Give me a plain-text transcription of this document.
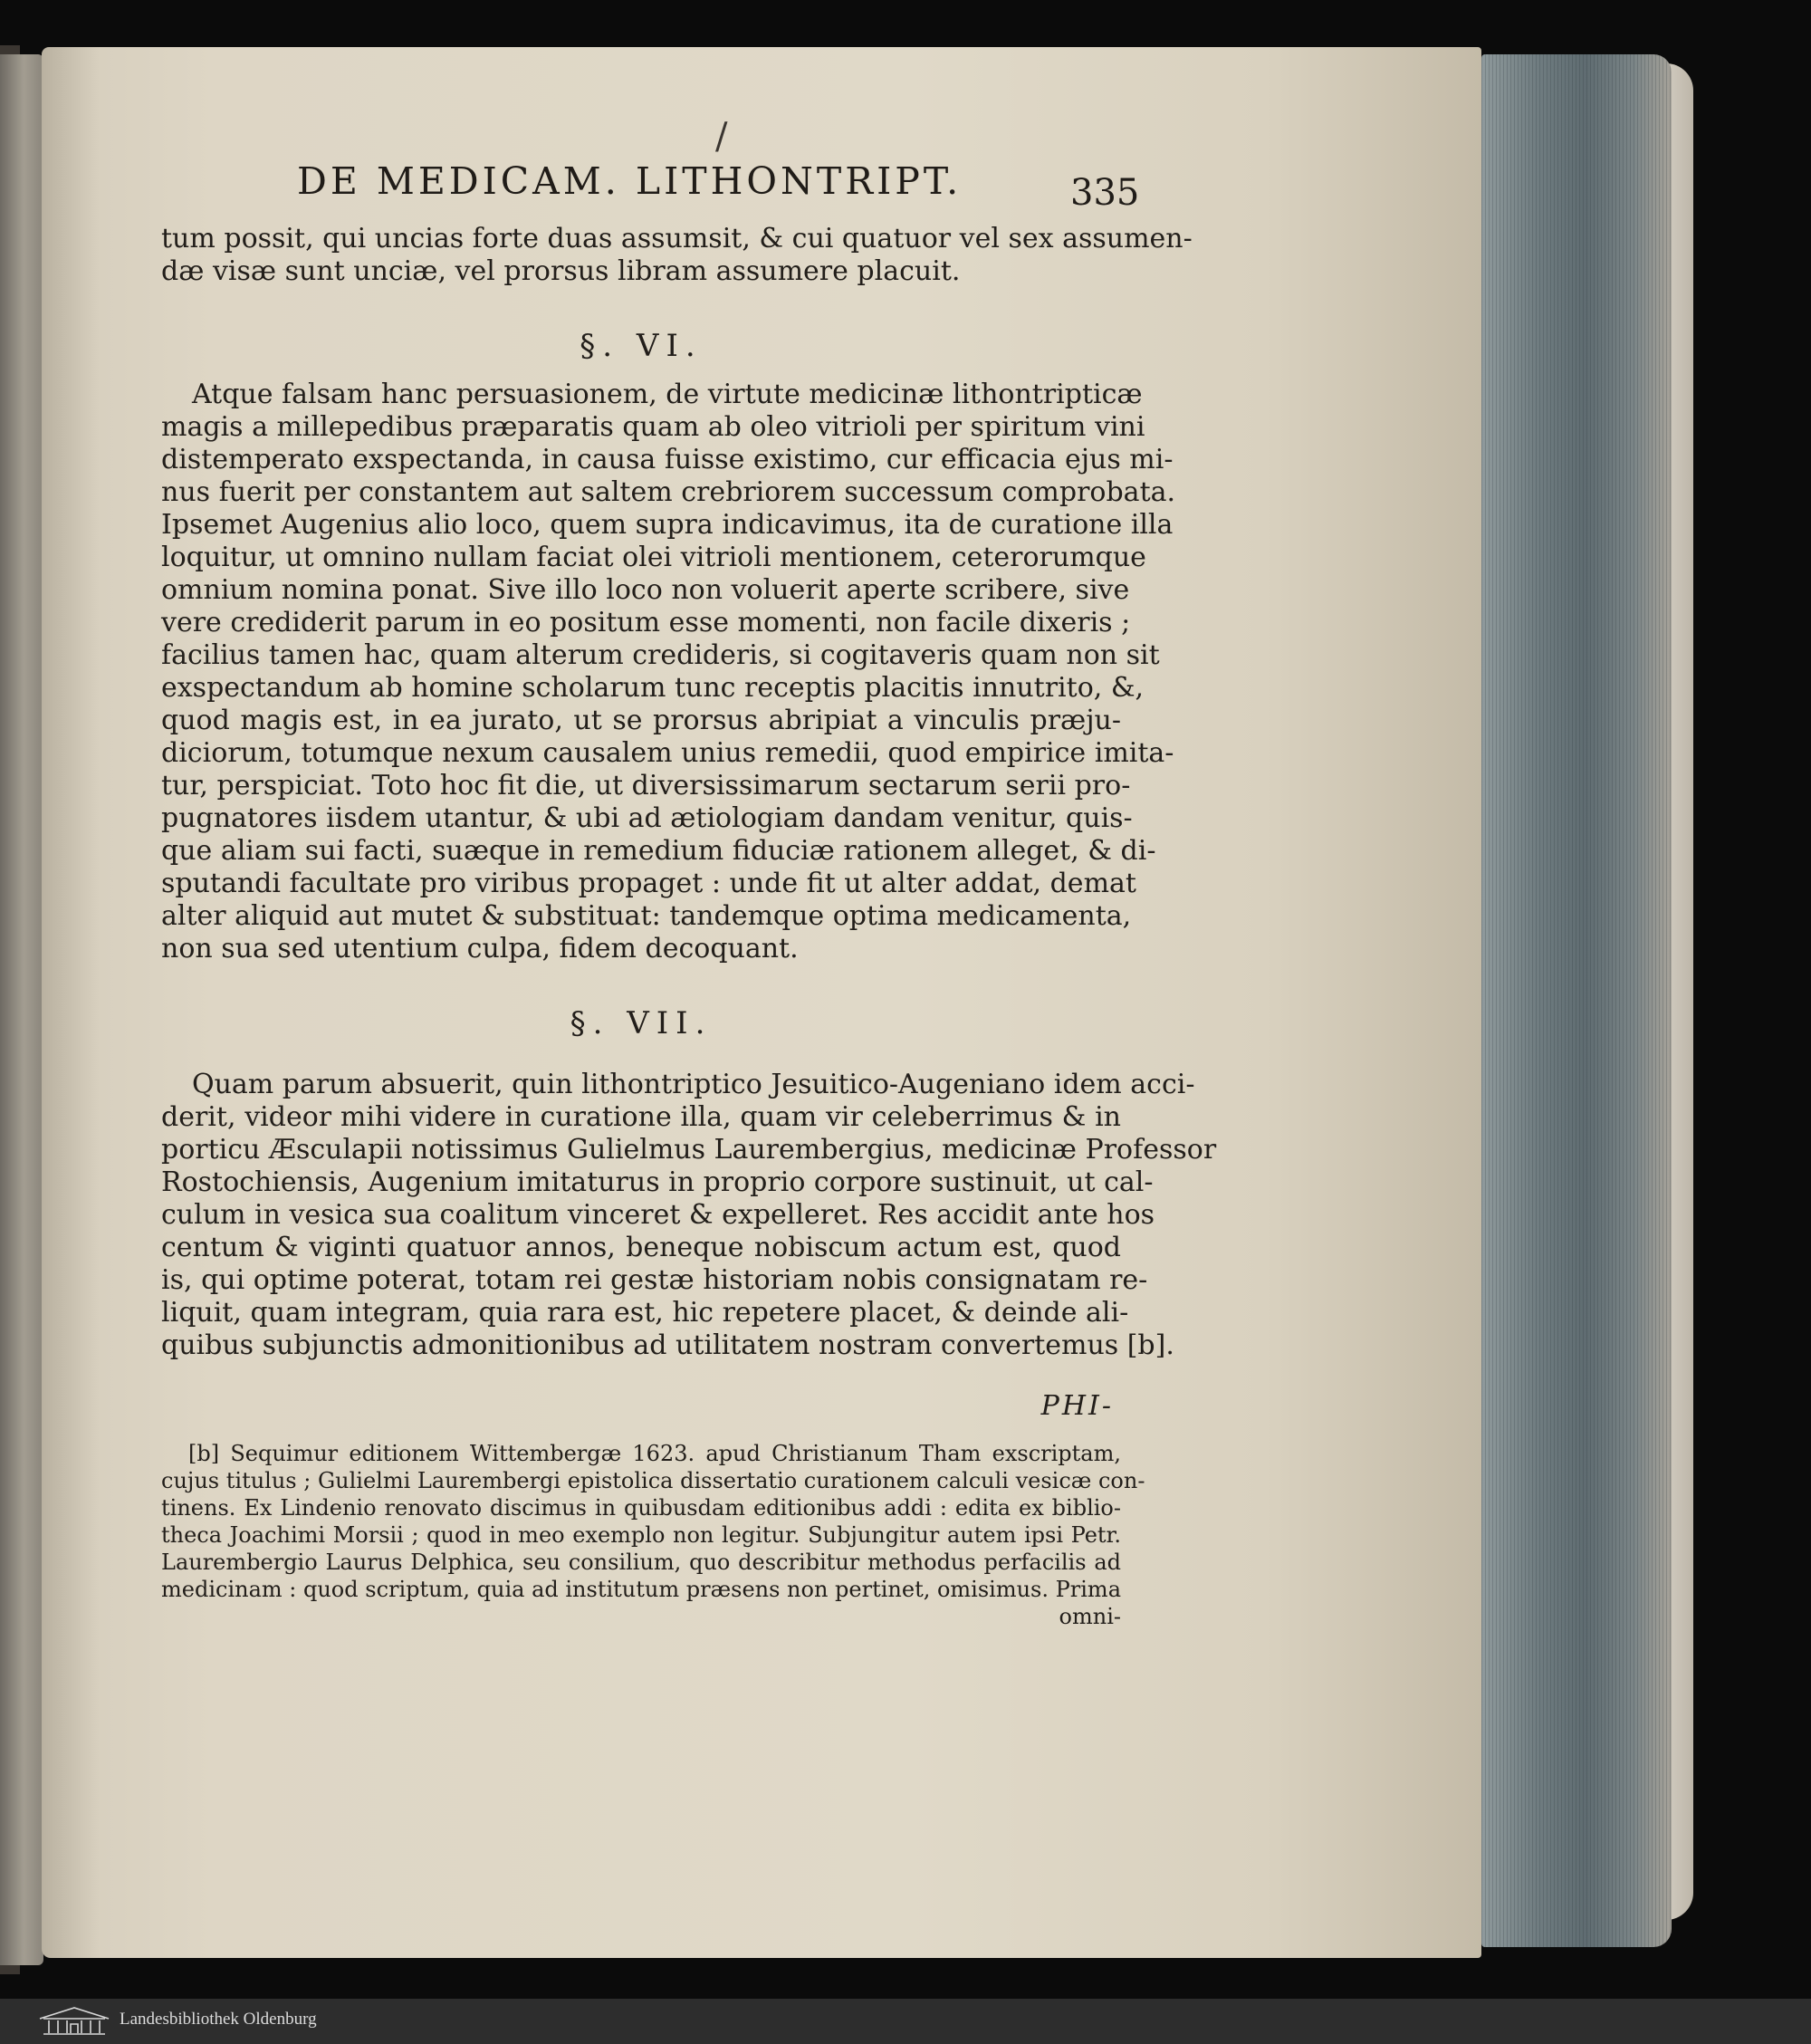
/
DE MEDICAM. LITHONTRIPT.	335
tum possit, qui uncias forte duas assumsit, & cui quatuor vel sex assumen-
dæ visæ sunt unciæ, vel prorsus libram assumere placuit.
§. VI.
Atque falsam hanc persuasionem, de virtute medicinæ lithontripticæ
magis a millepedibus præparatis quam ab oleo vitrioli per spiritum vini
distemperato exspectanda, in causa fuisse existimo, cur efficacia ejus mi-
nus fuerit per constantem aut saltem crebriorem successum comprobata.
Ipsemet Augenius alio loco, quem supra indicavimus, ita de curatione illa
loquitur, ut omnino nullam faciat olei vitrioli mentionem, ceterorumque
omnium nomina ponat. Sive illo loco non voluerit aperte scribere, sive
vere crediderit parum in eo positum esse momenti, non facile dixeris ;
facilius tamen hac, quam alterum credideris, si cogitaveris quam non sit
exspectandum ab homine scholarum tunc receptis placitis innutrito, &,
quod magis est, in ea jurato, ut se prorsus abripiat a vinculis præju-
diciorum, totumque nexum causalem unius remedii, quod empirice imita-
tur, perspiciat. Toto hoc fit die, ut diversissimarum sectarum serii pro-
pugnatores iisdem utantur, & ubi ad ætiologiam dandam venitur, quis-
que aliam sui facti, suæque in remedium fiduciæ rationem alleget, & di-
sputandi facultate pro viribus propaget : unde fit ut alter addat, demat
alter aliquid aut mutet & substituat: tandemque optima medicamenta,
non sua sed utentium culpa, fidem decoquant.
§. VII.
Quam parum absuerit, quin lithontriptico Jesuitico-Augeniano idem acci-
derit, videor mihi videre in curatione illa, quam vir celeberrimus & in
porticu Æsculapii notissimus Gulielmus Laurembergius, medicinæ Professor
Rostochiensis, Augenium imitaturus in proprio corpore sustinuit, ut cal-
culum in vesica sua coalitum vinceret & expelleret. Res accidit ante hos
centum & viginti quatuor annos, beneque nobiscum actum est, quod
is, qui optime poterat, totam rei gestæ historiam nobis consignatam re-
liquit, quam integram, quia rara est, hic repetere placet, & deinde ali-
quibus subjunctis admonitionibus ad utilitatem nostram convertemus [b].
PHI-
[b] Sequimur editionem Wittembergæ 1623. apud Christianum Tham exscriptam,
cujus titulus ; Gulielmi Laurembergi epistolica dissertatio curationem calculi vesicæ con-
tinens. Ex Lindenio renovato discimus in quibusdam editionibus addi : edita ex biblio-
theca Joachimi Morsii ; quod in meo exemplo non legitur. Subjungitur autem ipsi Petr.
Laurembergio Laurus Delphica, seu consilium, quo describitur methodus perfacilis ad
medicinam : quod scriptum, quia ad institutum præsens non pertinet, omisimus. Prima
omni-
Landesbibliothek Oldenburg
